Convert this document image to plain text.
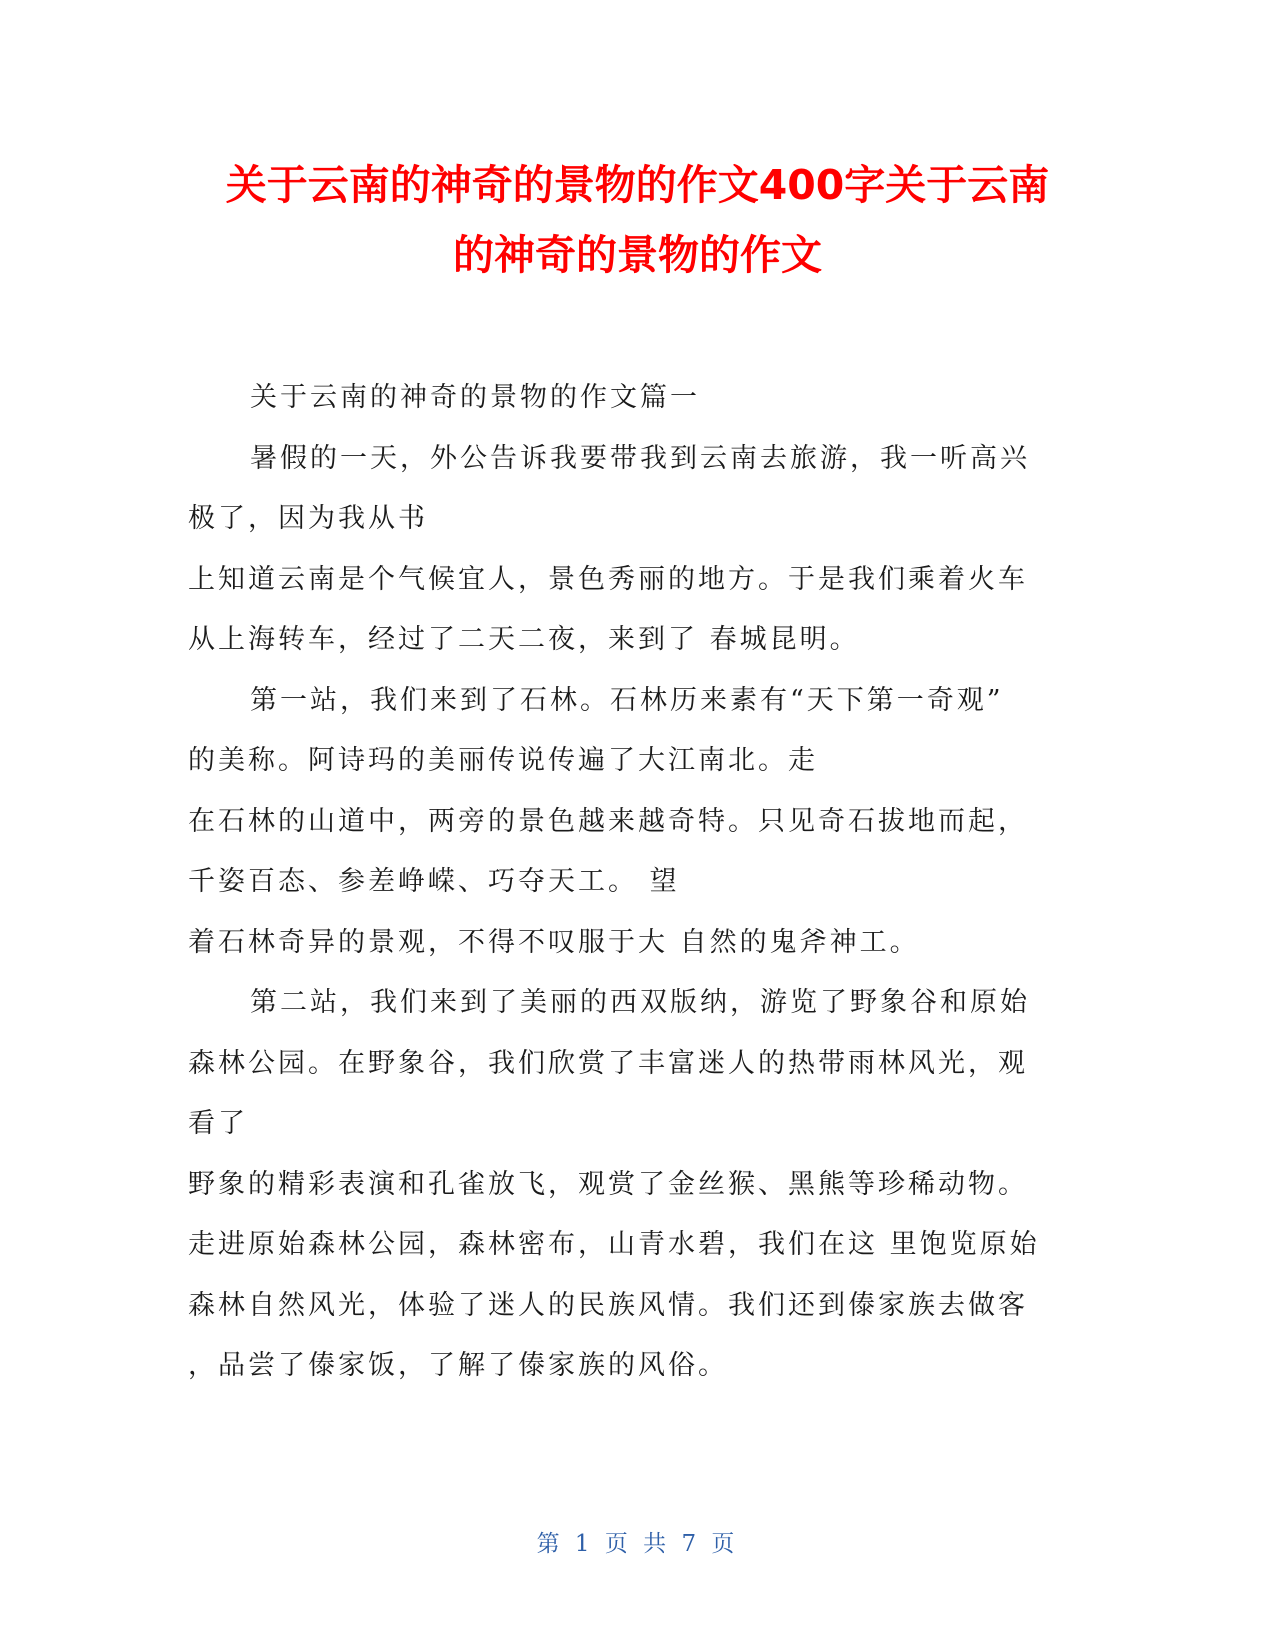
关于云南的神奇的景物的作文400字关于云南
的神奇的景物的作文
关于云南的神奇的景物的作文篇一
暑假的一天，外公告诉我要带我到云南去旅游，我一听高兴
极了，因为我从书
上知道云南是个气候宜人，景色秀丽的地方。于是我们乘着火车
从上海转车，经过了二天二夜，来到了 春城昆明。
第一站，我们来到了石林。石林历来素有“天下第一奇观”
的美称。阿诗玛的美丽传说传遍了大江南北。走
在石林的山道中，两旁的景色越来越奇特。只见奇石拔地而起，
千姿百态、参差峥嵘、巧夺天工。 望
着石林奇异的景观，不得不叹服于大 自然的鬼斧神工。
第二站，我们来到了美丽的西双版纳，游览了野象谷和原始
森林公园。在野象谷，我们欣赏了丰富迷人的热带雨林风光，观
看了
野象的精彩表演和孔雀放飞，观赏了金丝猴、黑熊等珍稀动物。
走进原始森林公园，森林密布，山青水碧，我们在这 里饱览原始
森林自然风光，体验了迷人的民族风情。我们还到傣家族去做客
，品尝了傣家饭，了解了傣家族的风俗。
第 1 页 共 7 页
